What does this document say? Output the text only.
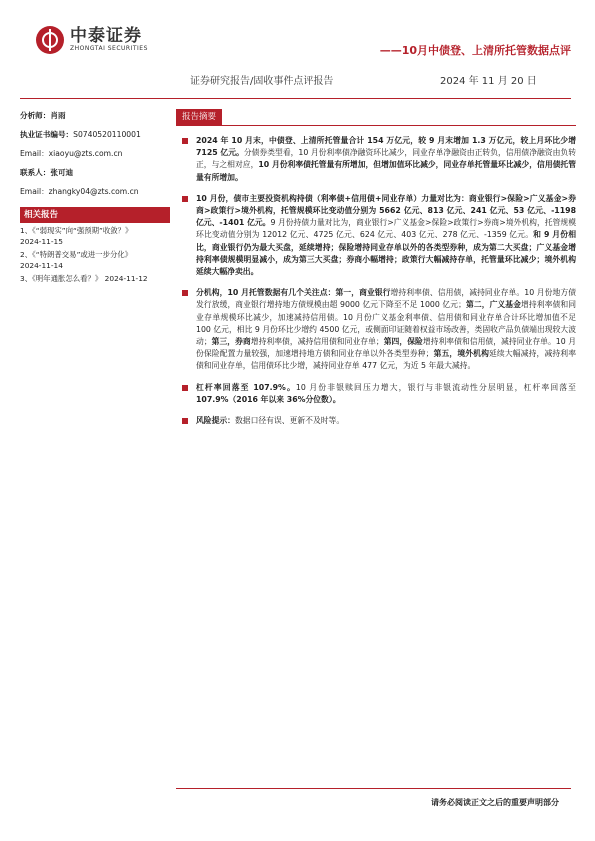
中泰证券
ZHONGTAI SECURITIES	——10月中债登、上清所托管数据点评
证券研究报告/固收事件点评报告	2024 年 11 月 20 日
分析师：肖雨
执业证书编号：S0740520110001
Email：xiaoyu@zts.com.cn
联系人：张可迪
Email：zhangky04@zts.com.cn
相关报告
1、《“弱现实”向“强预期”收敛？》
2024-11-15
2、《“特朗普交易”或进一步分化》
2024-11-14
3、《明年通胀怎么看？》 2024-11-12
报告摘要
2024 年 10 月末，中债登、上清所托管量合计 154 万亿元，较 9 月末增加 1.3 万亿元，较上月环比少增 7125 亿元。分债券类型看，10 月份利率债净融资环比减少，同业存单净融资由正转负，信用债净融资由负转正，与之相对应，10 月份利率债托管量有所增加，但增加值环比减少，同业存单托管量环比减少，信用债托管量有所增加。
10 月份，债市主要投资机构持债（利率债+信用债+同业存单）力量对比为：商业银行>保险>广义基金>券商>政策行>境外机构，托管规模环比变动值分别为 5662 亿元、813 亿元、241 亿元、53 亿元、-1198 亿元、-1401 亿元。9 月份持债力量对比为，商业银行>广义基金>保险>政策行>券商>境外机构，托管规模环比变动值分别为 12012 亿元、4725 亿元、624 亿元、403 亿元、278 亿元、-1359 亿元。和 9 月份相比，商业银行仍为最大买盘，延续增持；保险增持同业存单以外的各类型券种，成为第二大买盘；广义基金增持利率债规模明显减小，成为第三大买盘；券商小幅增持；政策行大幅减持存单，托管量环比减少；境外机构延续大幅净卖出。
分机构，10 月托管数据有几个关注点：第一，商业银行增持利率债、信用债，减持同业存单。10 月份地方债发行放缓，商业银行增持地方债规模由超 9000 亿元下降至不足 1000 亿元；第二，广义基金增持利率债和同业存单规模环比减少，加速减持信用债。10 月份广义基金利率债、信用债和同业存单合计环比增加值不足 100 亿元，相比 9 月份环比少增约 4500 亿元，或侧面印证随着权益市场改善，类固收产品负债端出现较大波动；第三，券商增持利率债，减持信用债和同业存单；第四，保险增持利率债和信用债，减持同业存单。10 月份保险配置力量较强，加速增持地方债和同业存单以外各类型券种；第五，境外机构延续大幅减持，减持利率债和同业存单，信用债环比少增，减持同业存单 477 亿元，为近 5 年最大减持。
杠杆率回落至 107.9%。10 月份非银赎回压力增大，银行与非银流动性分层明显，杠杆率回落至 107.9%（2016 年以来 36%分位数）。
风险提示：数据口径有误、更新不及时等。
请务必阅读正文之后的重要声明部分
